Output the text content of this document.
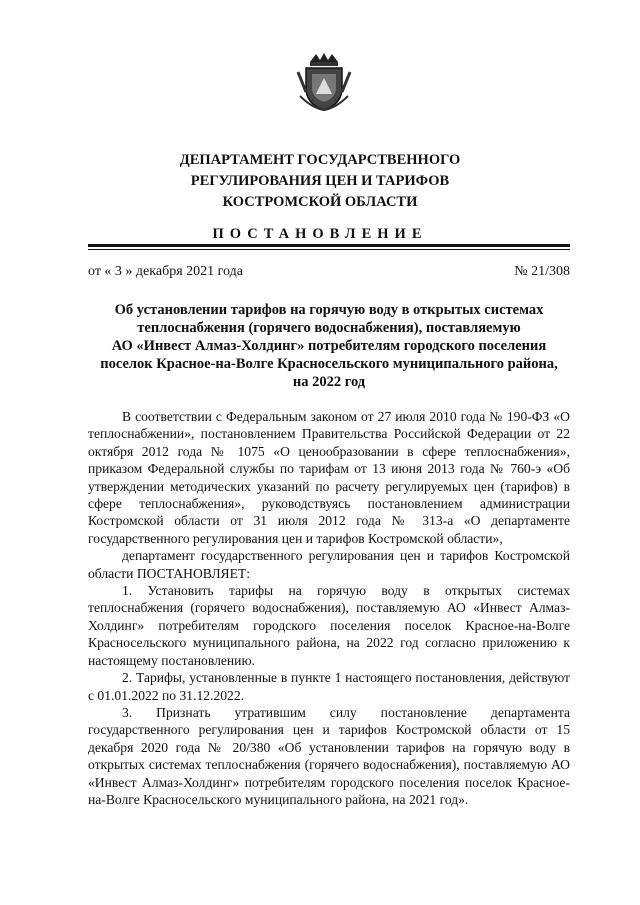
ДЕПАРТАМЕНТ ГОСУДАРСТВЕННОГО
РЕГУЛИРОВАНИЯ ЦЕН И ТАРИФОВ
КОСТРОМСКОЙ ОБЛАСТИ
ПОСТАНОВЛЕНИЕ
от « 3 » декабря 2021 года	№ 21/308
Об установлении тарифов на горячую воду в открытых системах
теплоснабжения (горячего водоснабжения), поставляемую
АО «Инвест Алмаз-Холдинг» потребителям городского поселения
поселок Красное-на-Волге Красносельского муниципального района,
на 2022 год

В соответствии с Федеральным законом от 27 июля 2010 года № 190-ФЗ «О теплоснабжении», постановлением Правительства Российской Федерации от 22 октября 2012 года № 1075 «О ценообразовании в сфере теплоснабжения», приказом Федеральной службы по тарифам от 13 июня 2013 года № 760-э «Об утверждении методических указаний по расчету регулируемых цен (тарифов) в сфере теплоснабжения», руководствуясь постановлением администрации Костромской области от 31 июля 2012 года № 313-а «О департаменте государственного регулирования цен и тарифов Костромской области»,

департамент государственного регулирования цен и тарифов Костромской области ПОСТАНОВЛЯЕТ:

1. Установить тарифы на горячую воду в открытых системах теплоснабжения (горячего водоснабжения), поставляемую АО «Инвест Алмаз-Холдинг» потребителям городского поселения поселок Красное-на-Волге Красносельского муниципального района, на 2022 год согласно приложению к настоящему постановлению.

2. Тарифы, установленные в пункте 1 настоящего постановления, действуют с 01.01.2022 по 31.12.2022.

3. Признать утратившим силу постановление департамента государственного регулирования цен и тарифов Костромской области от 15 декабря 2020 года № 20/380 «Об установлении тарифов на горячую воду в открытых системах теплоснабжения (горячего водоснабжения), поставляемую АО «Инвест Алмаз-Холдинг» потребителям городского поселения поселок Красное-на-Волге Красносельского муниципального района, на 2021 год».
